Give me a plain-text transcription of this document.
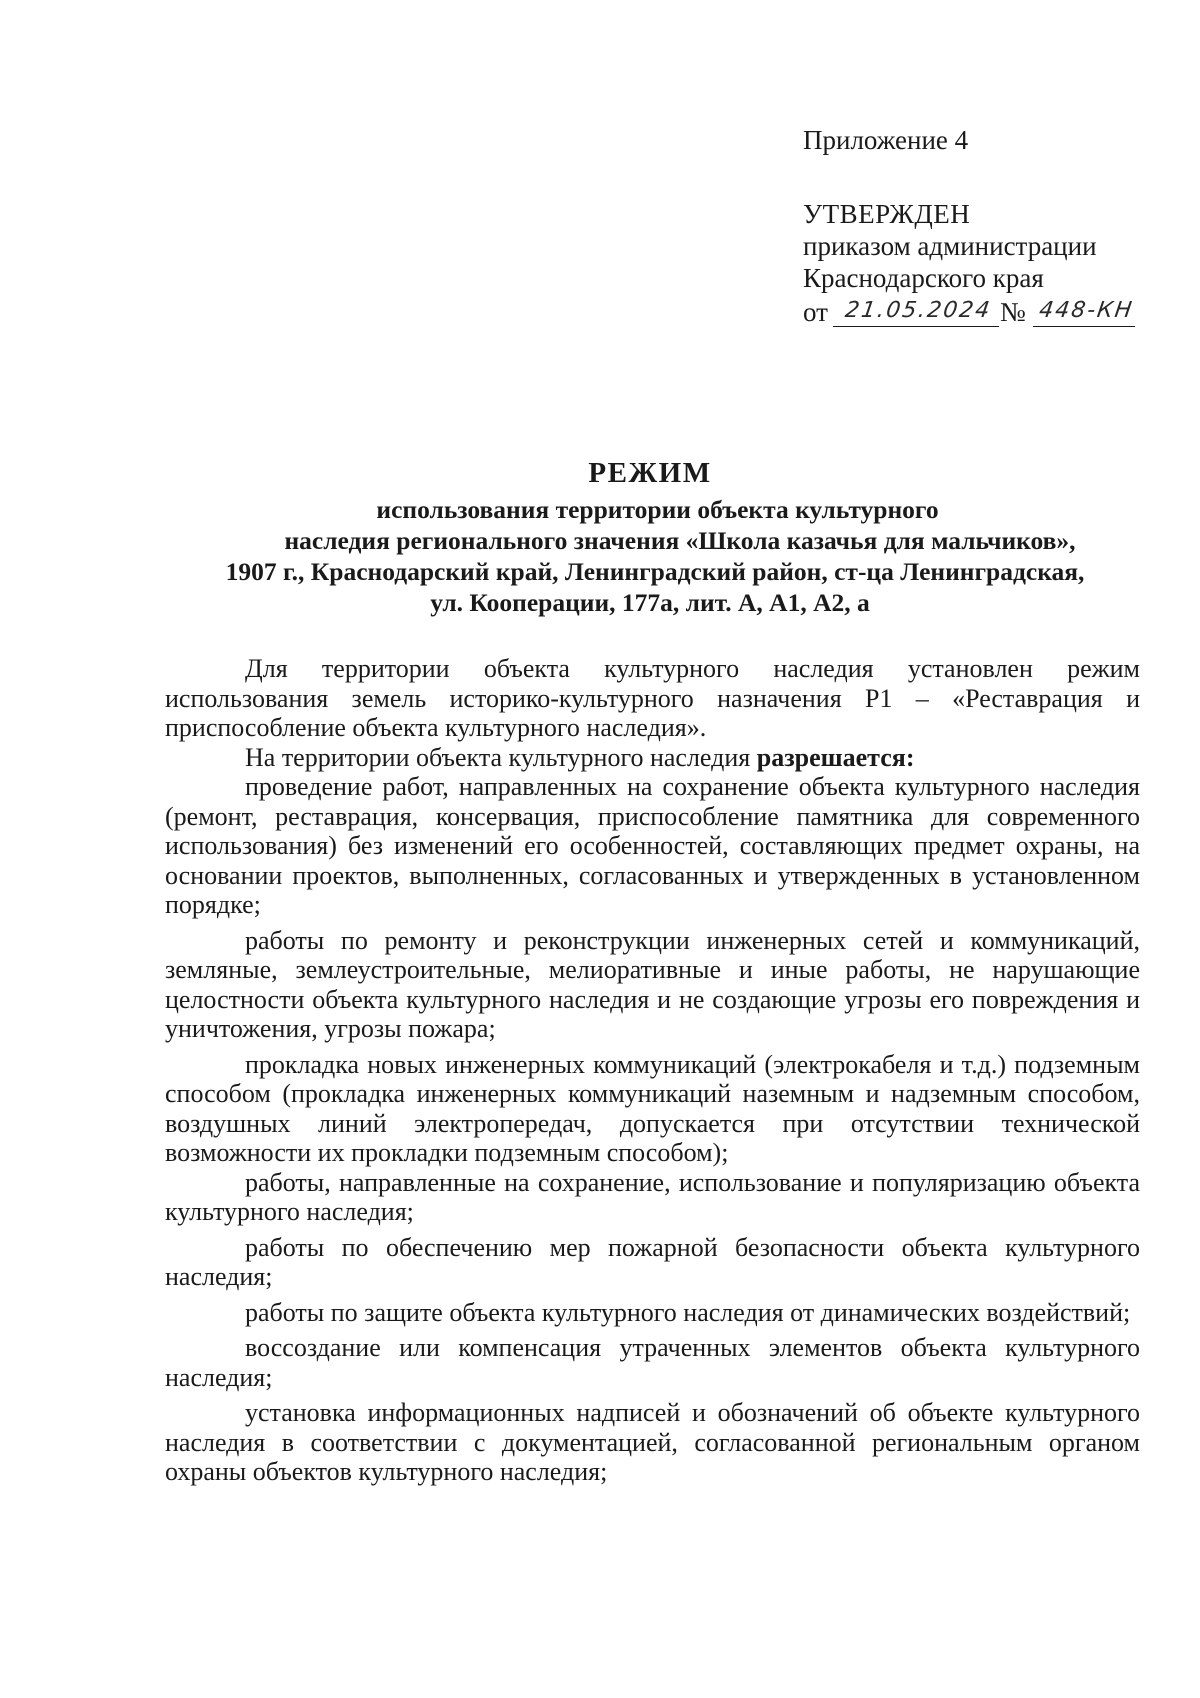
Приложение 4
УТВЕРЖДЕН
приказом администрации
Краснодарского края
от 21.05.2024 № 448-КН
РЕЖИМ
использования территории объекта культурного
наследия регионального значения «Школа казачья для мальчиков»,
1907 г., Краснодарский край, Ленинградский район, ст-ца Ленинградская,
ул. Кооперации, 177а, лит. А, А1, А2, а

Для территории объекта культурного наследия установлен режим использования земель историко-культурного назначения Р1 – «Реставрация и приспособление объекта культурного наследия».

На территории объекта культурного наследия разрешается:

проведение работ, направленных на сохранение объекта культурного наследия (ремонт, реставрация, консервация, приспособление памятника для современного использования) без изменений его особенностей, составляющих предмет охраны, на основании проектов, выполненных, согласованных и утвержденных в установленном порядке;

работы по ремонту и реконструкции инженерных сетей и коммуникаций, земляные, землеустроительные, мелиоративные и иные работы, не нарушающие целостности объекта культурного наследия и не создающие угрозы его повреждения и уничтожения, угрозы пожара;

прокладка новых инженерных коммуникаций (электрокабеля и т.д.) подземным способом (прокладка инженерных коммуникаций наземным и надземным способом, воздушных линий электропередач, допускается при отсутствии технической возможности их прокладки подземным способом);

работы, направленные на сохранение, использование и популяризацию объекта культурного наследия;

работы по обеспечению мер пожарной безопасности объекта культурного наследия;

работы по защите объекта культурного наследия от динамических воздействий;

воссоздание или компенсация утраченных элементов объекта культурного наследия;

установка информационных надписей и обозначений об объекте культурного наследия в соответствии с документацией, согласованной региональным органом охраны объектов культурного наследия;
